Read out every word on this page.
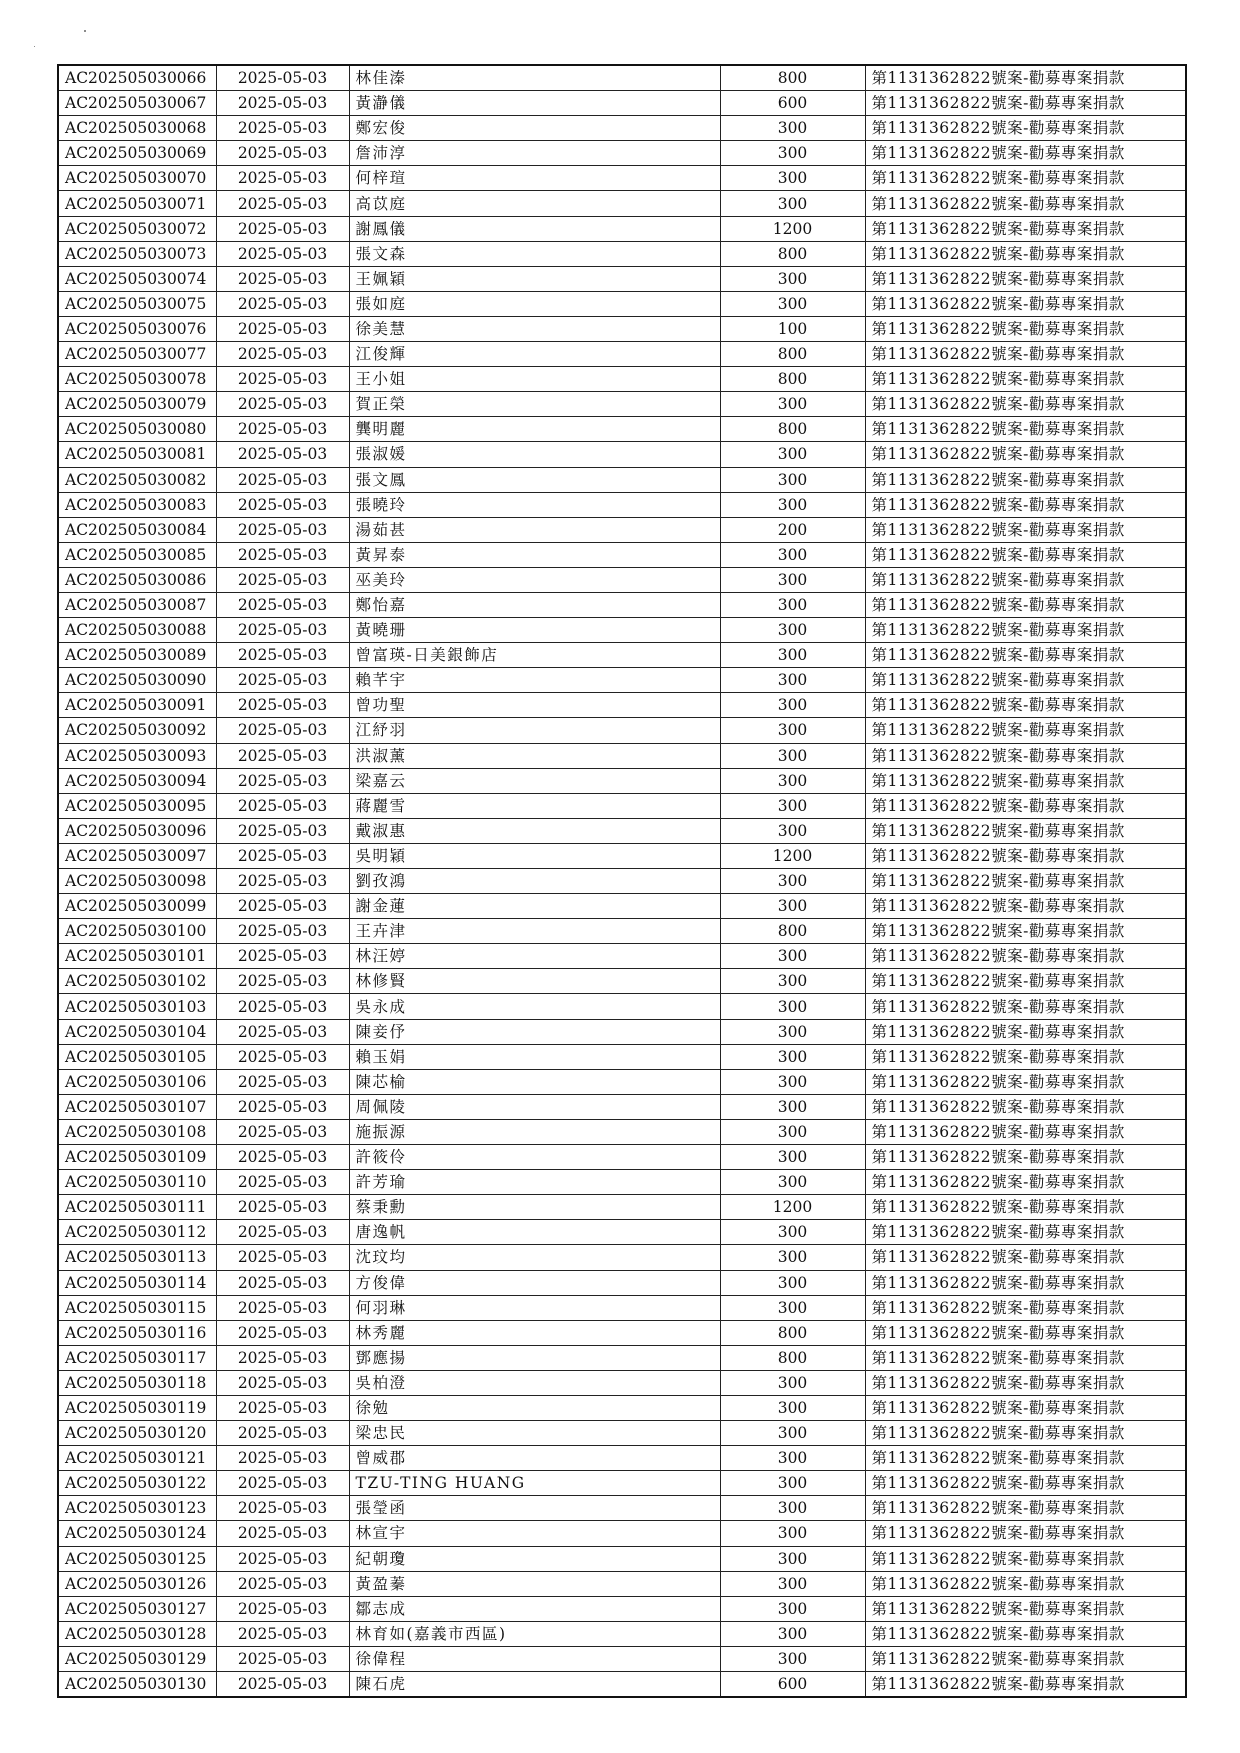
AC202505030066	2025-05-03	林佳溱	800	第1131362822號案-勸募專案捐款
AC202505030067	2025-05-03	黃瀞儀	600	第1131362822號案-勸募專案捐款
AC202505030068	2025-05-03	鄭宏俊	300	第1131362822號案-勸募專案捐款
AC202505030069	2025-05-03	詹沛淳	300	第1131362822號案-勸募專案捐款
AC202505030070	2025-05-03	何梓瑄	300	第1131362822號案-勸募專案捐款
AC202505030071	2025-05-03	高苡庭	300	第1131362822號案-勸募專案捐款
AC202505030072	2025-05-03	謝鳳儀	1200	第1131362822號案-勸募專案捐款
AC202505030073	2025-05-03	張文森	800	第1131362822號案-勸募專案捐款
AC202505030074	2025-05-03	王姵穎	300	第1131362822號案-勸募專案捐款
AC202505030075	2025-05-03	張如庭	300	第1131362822號案-勸募專案捐款
AC202505030076	2025-05-03	徐美慧	100	第1131362822號案-勸募專案捐款
AC202505030077	2025-05-03	江俊輝	800	第1131362822號案-勸募專案捐款
AC202505030078	2025-05-03	王小姐	800	第1131362822號案-勸募專案捐款
AC202505030079	2025-05-03	賀正榮	300	第1131362822號案-勸募專案捐款
AC202505030080	2025-05-03	龔明麗	800	第1131362822號案-勸募專案捐款
AC202505030081	2025-05-03	張淑媛	300	第1131362822號案-勸募專案捐款
AC202505030082	2025-05-03	張文鳳	300	第1131362822號案-勸募專案捐款
AC202505030083	2025-05-03	張曉玲	300	第1131362822號案-勸募專案捐款
AC202505030084	2025-05-03	湯茹甚	200	第1131362822號案-勸募專案捐款
AC202505030085	2025-05-03	黃昇泰	300	第1131362822號案-勸募專案捐款
AC202505030086	2025-05-03	巫美玲	300	第1131362822號案-勸募專案捐款
AC202505030087	2025-05-03	鄭怡嘉	300	第1131362822號案-勸募專案捐款
AC202505030088	2025-05-03	黃曉珊	300	第1131362822號案-勸募專案捐款
AC202505030089	2025-05-03	曾富瑛-日美銀飾店	300	第1131362822號案-勸募專案捐款
AC202505030090	2025-05-03	賴芊宇	300	第1131362822號案-勸募專案捐款
AC202505030091	2025-05-03	曾功聖	300	第1131362822號案-勸募專案捐款
AC202505030092	2025-05-03	江紓羽	300	第1131362822號案-勸募專案捐款
AC202505030093	2025-05-03	洪淑薰	300	第1131362822號案-勸募專案捐款
AC202505030094	2025-05-03	梁嘉云	300	第1131362822號案-勸募專案捐款
AC202505030095	2025-05-03	蔣麗雪	300	第1131362822號案-勸募專案捐款
AC202505030096	2025-05-03	戴淑惠	300	第1131362822號案-勸募專案捐款
AC202505030097	2025-05-03	吳明穎	1200	第1131362822號案-勸募專案捐款
AC202505030098	2025-05-03	劉孜鴻	300	第1131362822號案-勸募專案捐款
AC202505030099	2025-05-03	謝金蓮	300	第1131362822號案-勸募專案捐款
AC202505030100	2025-05-03	王卉津	800	第1131362822號案-勸募專案捐款
AC202505030101	2025-05-03	林汪婷	300	第1131362822號案-勸募專案捐款
AC202505030102	2025-05-03	林修賢	300	第1131362822號案-勸募專案捐款
AC202505030103	2025-05-03	吳永成	300	第1131362822號案-勸募專案捐款
AC202505030104	2025-05-03	陳妾伃	300	第1131362822號案-勸募專案捐款
AC202505030105	2025-05-03	賴玉娟	300	第1131362822號案-勸募專案捐款
AC202505030106	2025-05-03	陳芯榆	300	第1131362822號案-勸募專案捐款
AC202505030107	2025-05-03	周佩陵	300	第1131362822號案-勸募專案捐款
AC202505030108	2025-05-03	施振源	300	第1131362822號案-勸募專案捐款
AC202505030109	2025-05-03	許筱伶	300	第1131362822號案-勸募專案捐款
AC202505030110	2025-05-03	許芳瑜	300	第1131362822號案-勸募專案捐款
AC202505030111	2025-05-03	蔡秉勳	1200	第1131362822號案-勸募專案捐款
AC202505030112	2025-05-03	唐逸帆	300	第1131362822號案-勸募專案捐款
AC202505030113	2025-05-03	沈玟均	300	第1131362822號案-勸募專案捐款
AC202505030114	2025-05-03	方俊偉	300	第1131362822號案-勸募專案捐款
AC202505030115	2025-05-03	何羽琳	300	第1131362822號案-勸募專案捐款
AC202505030116	2025-05-03	林秀麗	800	第1131362822號案-勸募專案捐款
AC202505030117	2025-05-03	鄧應揚	800	第1131362822號案-勸募專案捐款
AC202505030118	2025-05-03	吳柏澄	300	第1131362822號案-勸募專案捐款
AC202505030119	2025-05-03	徐勉	300	第1131362822號案-勸募專案捐款
AC202505030120	2025-05-03	梁忠民	300	第1131362822號案-勸募專案捐款
AC202505030121	2025-05-03	曾威郡	300	第1131362822號案-勸募專案捐款
AC202505030122	2025-05-03	TZU-TING HUANG	300	第1131362822號案-勸募專案捐款
AC202505030123	2025-05-03	張瑩函	300	第1131362822號案-勸募專案捐款
AC202505030124	2025-05-03	林宣宇	300	第1131362822號案-勸募專案捐款
AC202505030125	2025-05-03	紀朝瓊	300	第1131362822號案-勸募專案捐款
AC202505030126	2025-05-03	黃盈蓁	300	第1131362822號案-勸募專案捐款
AC202505030127	2025-05-03	鄒志成	300	第1131362822號案-勸募專案捐款
AC202505030128	2025-05-03	林育如(嘉義市西區)	300	第1131362822號案-勸募專案捐款
AC202505030129	2025-05-03	徐偉程	300	第1131362822號案-勸募專案捐款
AC202505030130	2025-05-03	陳石虎	600	第1131362822號案-勸募專案捐款
